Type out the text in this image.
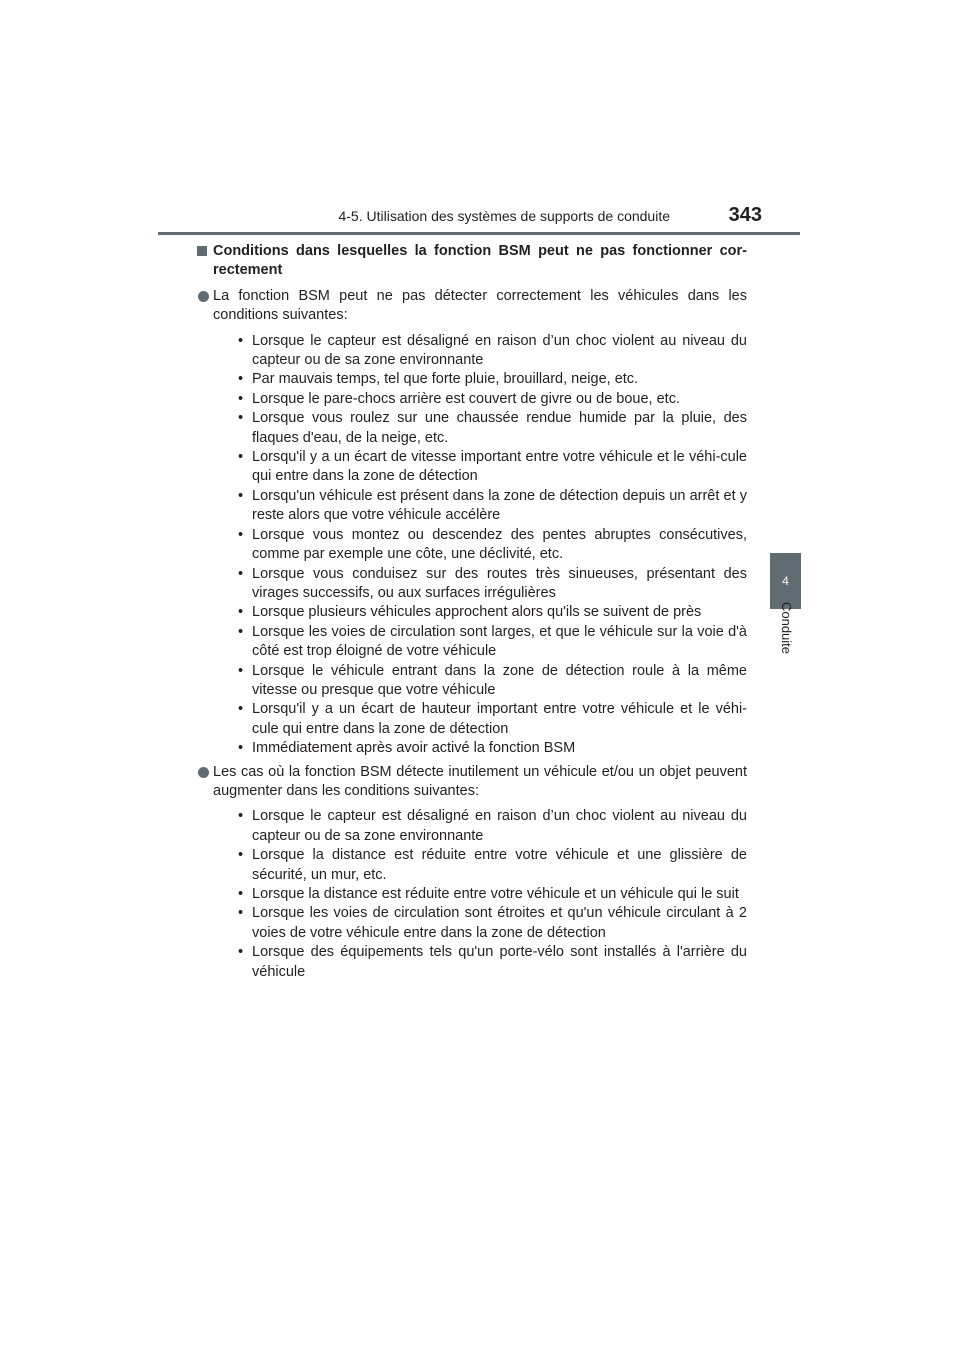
4-5. Utilisation des systèmes de supports de conduite	343
4
Conduite

Conditions dans lesquelles la fonction BSM peut ne pas fonctionner cor-rectement

La fonction BSM peut ne pas détecter correctement les véhicules dans les conditions suivantes:

• Lorsque le capteur est désaligné en raison d’un choc violent au niveau du capteur ou de sa zone environnante
• Par mauvais temps, tel que forte pluie, brouillard, neige, etc.
• Lorsque le pare-chocs arrière est couvert de givre ou de boue, etc.
• Lorsque vous roulez sur une chaussée rendue humide par la pluie, des flaques d'eau, de la neige, etc.
• Lorsqu'il y a un écart de vitesse important entre votre véhicule et le véhi-cule qui entre dans la zone de détection
• Lorsqu'un véhicule est présent dans la zone de détection depuis un arrêt et y reste alors que votre véhicule accélère
• Lorsque vous montez ou descendez des pentes abruptes consécutives, comme par exemple une côte, une déclivité, etc.
• Lorsque vous conduisez sur des routes très sinueuses, présentant des virages successifs, ou aux surfaces irrégulières
• Lorsque plusieurs véhicules approchent alors qu'ils se suivent de près
• Lorsque les voies de circulation sont larges, et que le véhicule sur la voie d'à côté est trop éloigné de votre véhicule
• Lorsque le véhicule entrant dans la zone de détection roule à la même vitesse ou presque que votre véhicule
• Lorsqu'il y a un écart de hauteur important entre votre véhicule et le véhi-cule qui entre dans la zone de détection
• Immédiatement après avoir activé la fonction BSM

Les cas où la fonction BSM détecte inutilement un véhicule et/ou un objet peuvent augmenter dans les conditions suivantes:

• Lorsque le capteur est désaligné en raison d’un choc violent au niveau du capteur ou de sa zone environnante
• Lorsque la distance est réduite entre votre véhicule et une glissière de sécurité, un mur, etc.
• Lorsque la distance est réduite entre votre véhicule et un véhicule qui le suit
• Lorsque les voies de circulation sont étroites et qu'un véhicule circulant à 2 voies de votre véhicule entre dans la zone de détection
• Lorsque des équipements tels qu'un porte-vélo sont installés à l'arrière du véhicule
